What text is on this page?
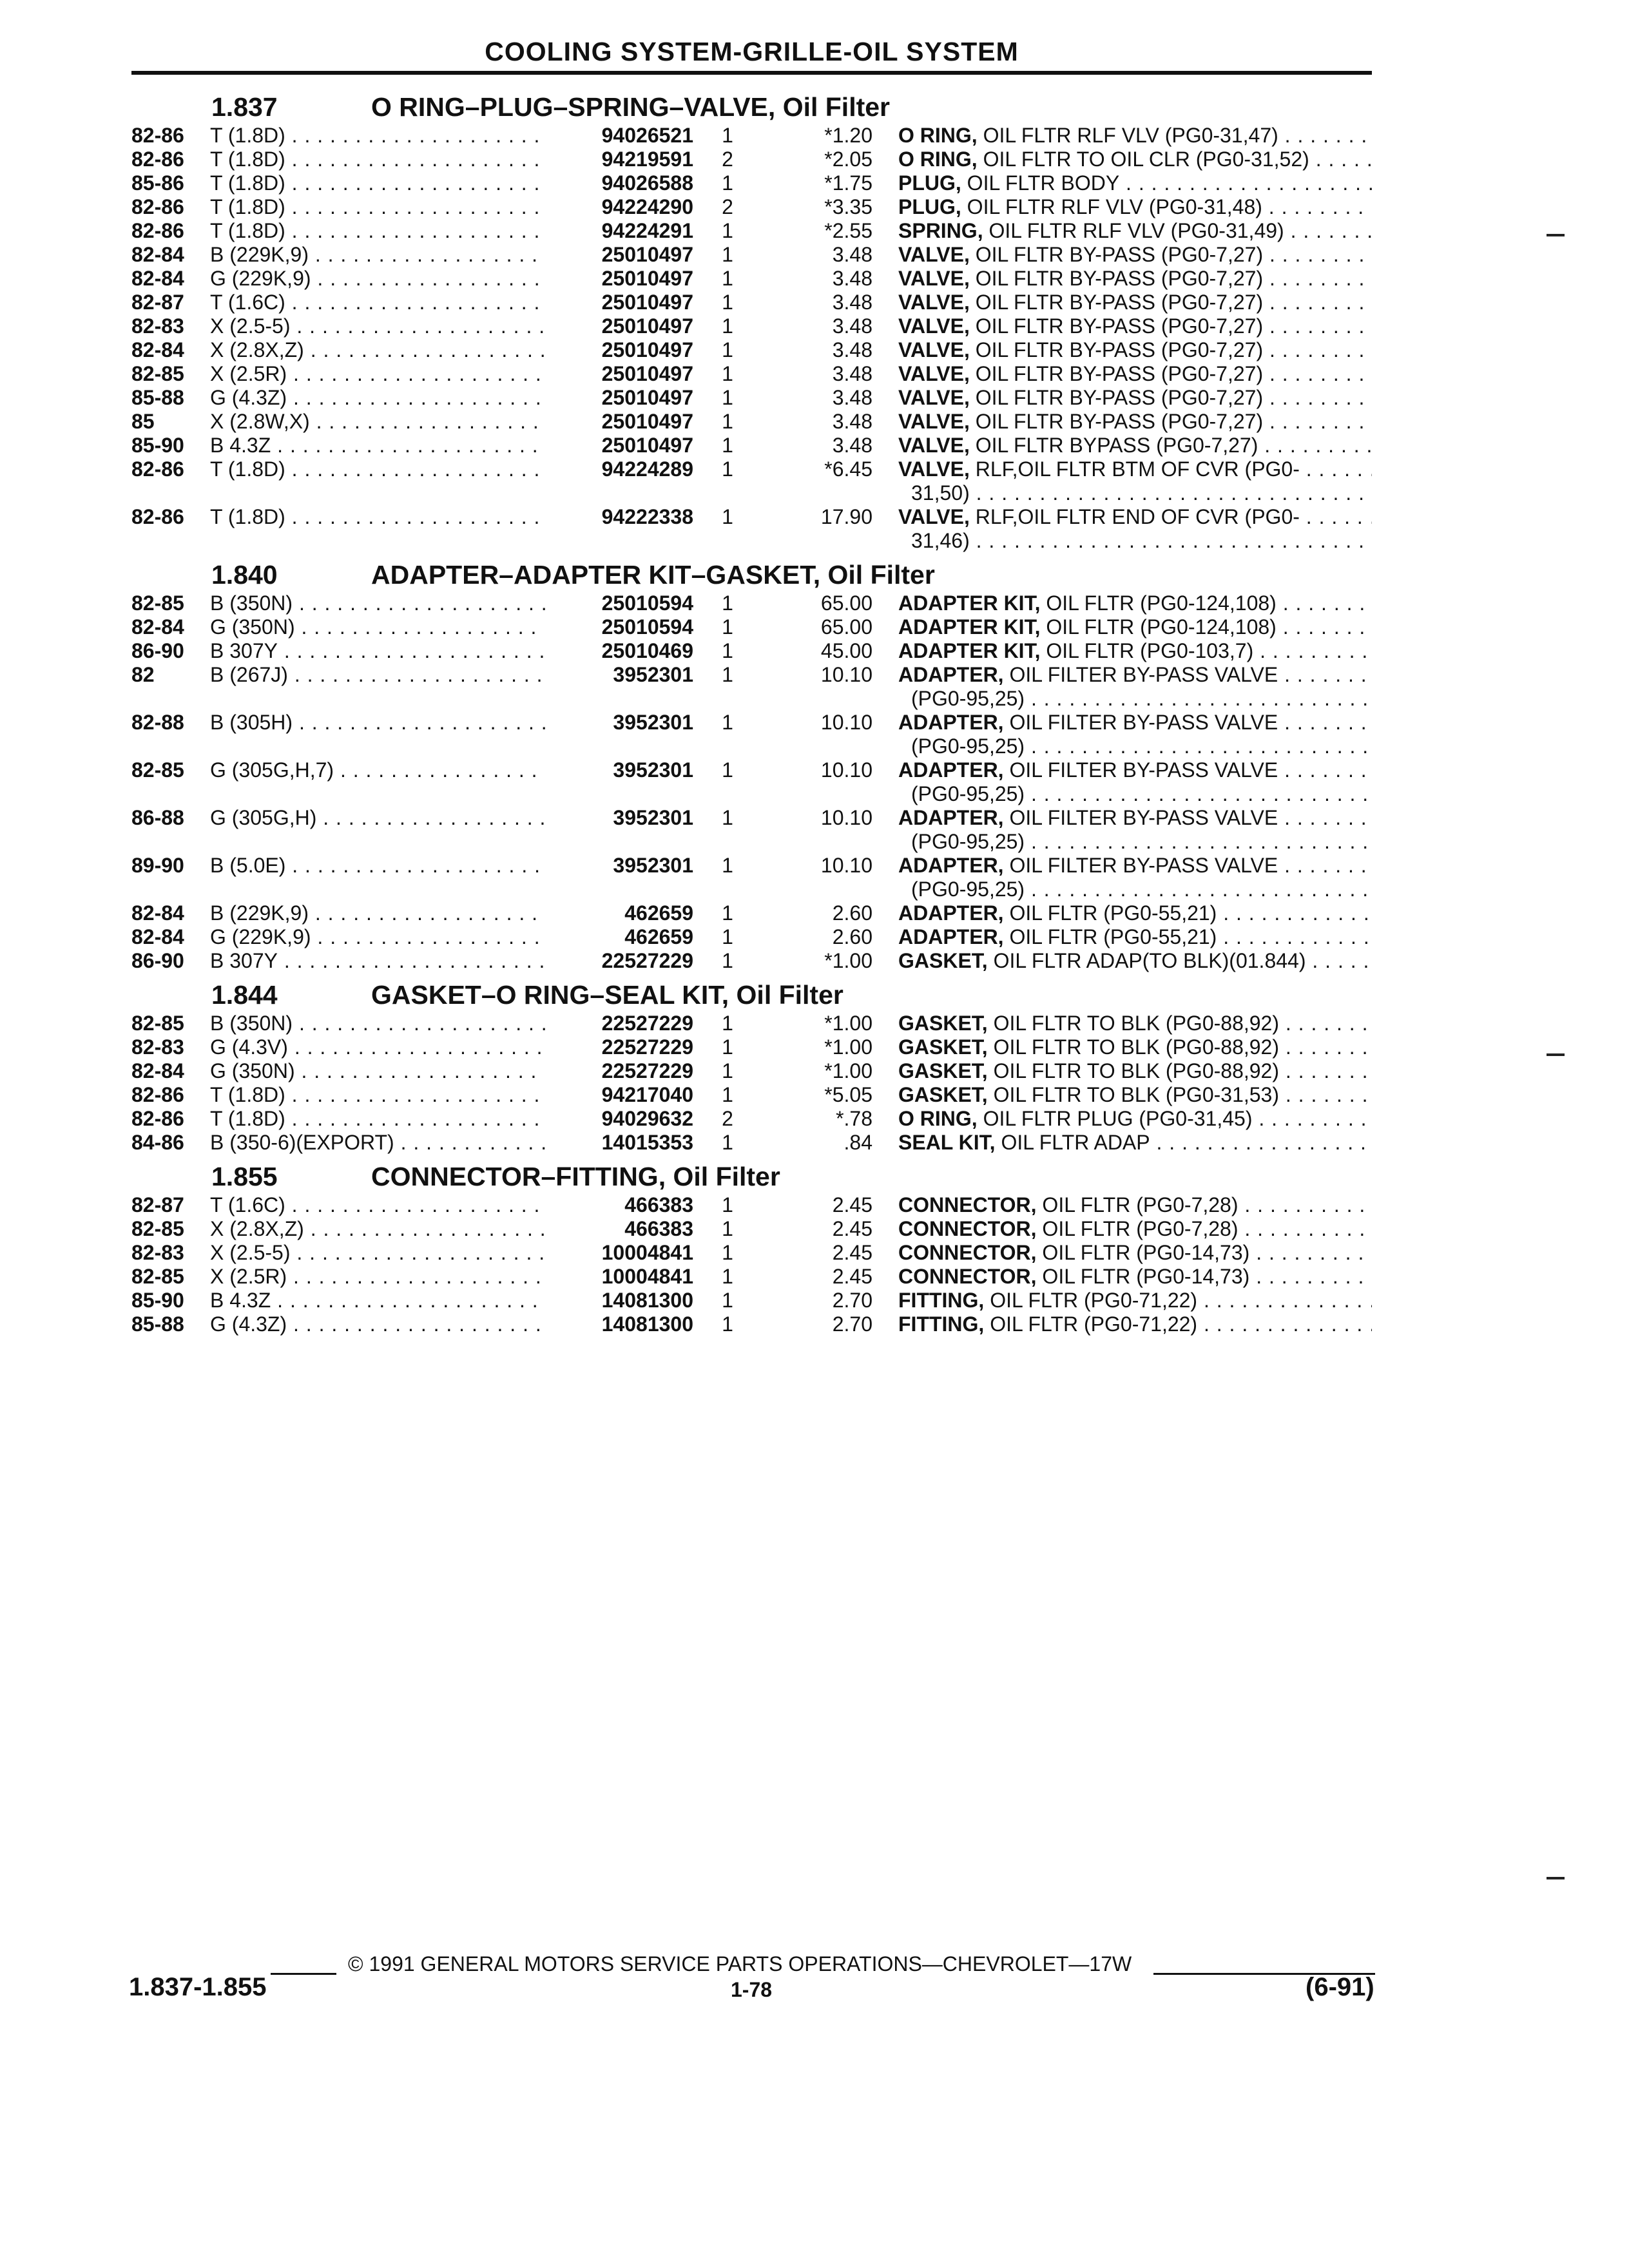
COOLING SYSTEM-GRILLE-OIL SYSTEM
1.837	O RING–PLUG–SPRING–VALVE, Oil Filter
82-86 T (1.8D) . . .	94026521 1	*1.20 O RING, OIL FLTR RLF VLV (PG0-31,47) . . .
82-86 T (1.8D) . . .	94219591 2	*2.05 O RING, OIL FLTR TO OIL CLR (PG0-31,52) . . .
85-86 T (1.8D) . . .	94026588 1	*1.75 PLUG, OIL FLTR BODY . . .
82-86 T (1.8D) . . .	94224290 2	*3.35 PLUG, OIL FLTR RLF VLV (PG0-31,48) . . .
82-86 T (1.8D) . . .	94224291 1	*2.55 SPRING, OIL FLTR RLF VLV (PG0-31,49) . . .
82-84 B (229K,9) . . .	25010497 1	3.48 VALVE, OIL FLTR BY-PASS (PG0-7,27) . . .
82-84 G (229K,9) . . .	25010497 1	3.48 VALVE, OIL FLTR BY-PASS (PG0-7,27) . . .
82-87 T (1.6C) . . .	25010497 1	3.48 VALVE, OIL FLTR BY-PASS (PG0-7,27) . . .
82-83 X (2.5-5) . . .	25010497 1	3.48 VALVE, OIL FLTR BY-PASS (PG0-7,27) . . .
82-84 X (2.8X,Z) . . .	25010497 1	3.48 VALVE, OIL FLTR BY-PASS (PG0-7,27) . . .
82-85 X (2.5R) . . .	25010497 1	3.48 VALVE, OIL FLTR BY-PASS (PG0-7,27) . . .
85-88 G (4.3Z) . . .	25010497 1	3.48 VALVE, OIL FLTR BY-PASS (PG0-7,27) . . .
85	X (2.8W,X) . . .	25010497 1	3.48 VALVE, OIL FLTR BY-PASS (PG0-7,27) . . .
85-90 B 4.3Z . . .	25010497 1	3.48 VALVE, OIL FLTR BYPASS (PG0-7,27) . . .
82-86 T (1.8D) . . .	94224289 1	*6.45 VALVE, RLF,OIL FLTR BTM OF CVR (PG0- . . .
31,50) . . .
82-86 T (1.8D) . . .	94222338 1	17.90 VALVE, RLF,OIL FLTR END OF CVR (PG0- . . .
31,46) . . .
1.840	ADAPTER–ADAPTER KIT–GASKET, Oil Filter
82-85 B (350N) . . .	25010594 1	65.00 ADAPTER KIT, OIL FLTR (PG0-124,108) . . .
82-84 G (350N) . . .	25010594 1	65.00 ADAPTER KIT, OIL FLTR (PG0-124,108) . . .
86-90 B 307Y . . .	25010469 1	45.00 ADAPTER KIT, OIL FLTR (PG0-103,7) . . .
82	B (267J) . . .	3952301 1	10.10 ADAPTER, OIL FILTER BY-PASS VALVE . . .
(PG0-95,25) . . .
82-88 B (305H) . . .	3952301 1	10.10 ADAPTER, OIL FILTER BY-PASS VALVE . . .
(PG0-95,25) . . .
82-85 G (305G,H,7) . . .	3952301 1	10.10 ADAPTER, OIL FILTER BY-PASS VALVE . . .
(PG0-95,25) . . .
86-88 G (305G,H) . . .	3952301 1	10.10 ADAPTER, OIL FILTER BY-PASS VALVE . . .
(PG0-95,25) . . .
89-90 B (5.0E) . . .	3952301 1	10.10 ADAPTER, OIL FILTER BY-PASS VALVE . . .
(PG0-95,25) . . .
82-84 B (229K,9) . . .	462659 1	2.60 ADAPTER, OIL FLTR (PG0-55,21) . . .
82-84 G (229K,9) . . .	462659 1	2.60 ADAPTER, OIL FLTR (PG0-55,21) . . .
86-90 B 307Y . . .	22527229 1	*1.00 GASKET, OIL FLTR ADAP(TO BLK)(01.844) . . .
1.844	GASKET–O RING–SEAL KIT, Oil Filter
82-85 B (350N) . . .	22527229 1	*1.00 GASKET, OIL FLTR TO BLK (PG0-88,92) . . .
82-83 G (4.3V) . . .	22527229 1	*1.00 GASKET, OIL FLTR TO BLK (PG0-88,92) . . .
82-84 G (350N) . . .	22527229 1	*1.00 GASKET, OIL FLTR TO BLK (PG0-88,92) . . .
82-86 T (1.8D) . . .	94217040 1	*5.05 GASKET, OIL FLTR TO BLK (PG0-31,53) . . .
82-86 T (1.8D) . . .	94029632 2	*.78 O RING, OIL FLTR PLUG (PG0-31,45) . . .
84-86 B (350-6)(EXPORT) . . .	14015353 1	.84 SEAL KIT, OIL FLTR ADAP . . .
1.855	CONNECTOR–FITTING, Oil Filter
82-87 T (1.6C) . . .	466383 1	2.45 CONNECTOR, OIL FLTR (PG0-7,28) . . .
82-85 X (2.8X,Z) . . .	466383 1	2.45 CONNECTOR, OIL FLTR (PG0-7,28) . . .
82-83 X (2.5-5) . . .	10004841 1	2.45 CONNECTOR, OIL FLTR (PG0-14,73) . . .
82-85 X (2.5R) . . .	10004841 1	2.45 CONNECTOR, OIL FLTR (PG0-14,73) . . .
85-90 B 4.3Z . . .	14081300 1	2.70 FITTING, OIL FLTR (PG0-71,22) . . .
85-88 G (4.3Z) . . .	14081300 1	2.70 FITTING, OIL FLTR (PG0-71,22) . . .
© 1991 GENERAL MOTORS SERVICE PARTS OPERATIONS—CHEVROLET—17W
1.837-1.855	1-78	(6-91)
